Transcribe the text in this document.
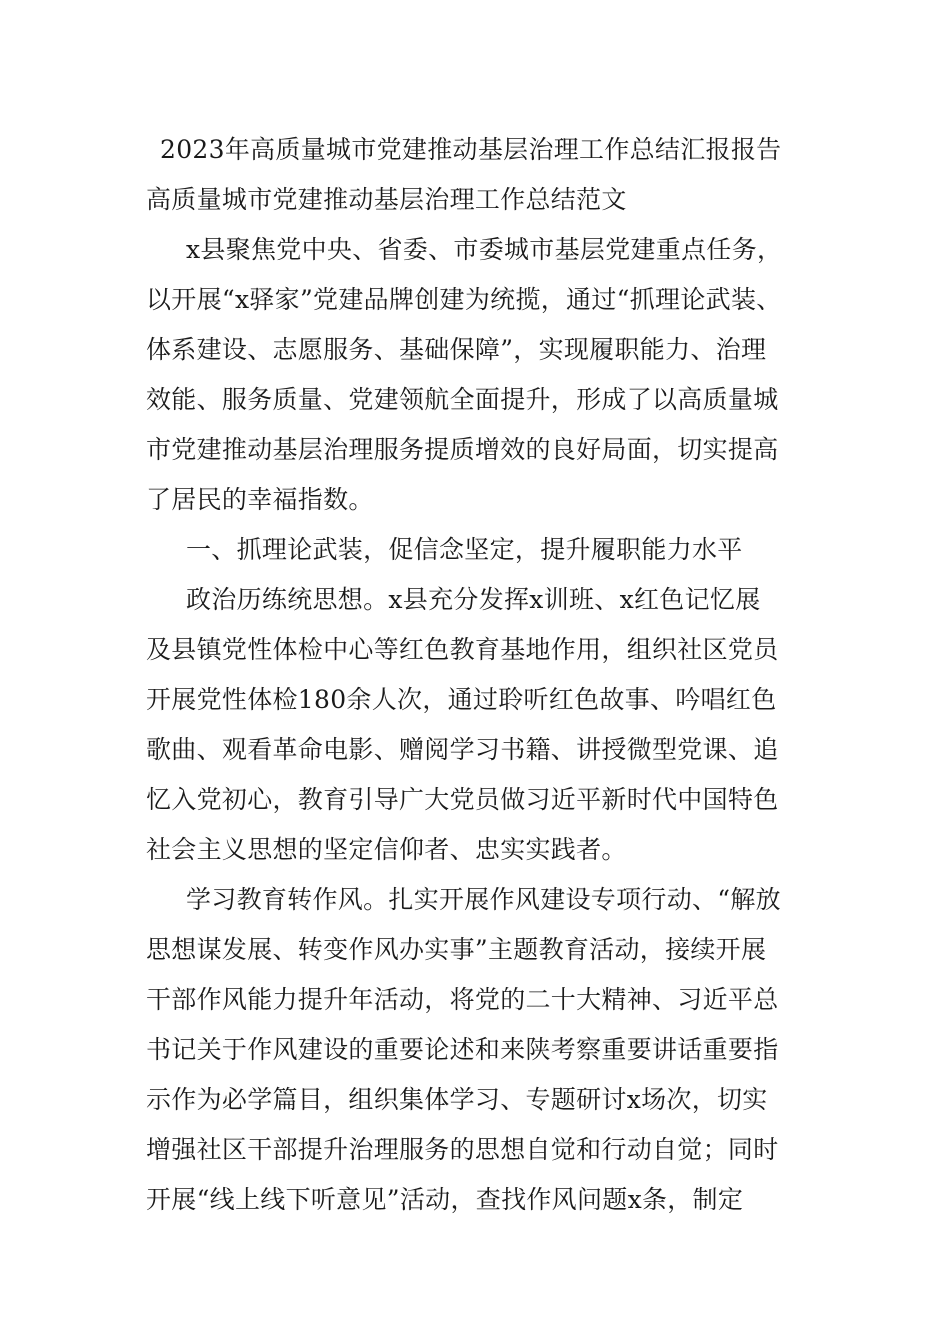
2023年高质量城市党建推动基层治理工作总结汇报报告
高质量城市党建推动基层治理工作总结范文
x县聚焦党中央、省委、市委城市基层党建重点任务，
以开展“x驿家”党建品牌创建为统揽，通过“抓理论武装、
体系建设、志愿服务、基础保障”，实现履职能力、治理
效能、服务质量、党建领航全面提升，形成了以高质量城
市党建推动基层治理服务提质增效的良好局面，切实提高
了居民的幸福指数。
一、抓理论武装，促信念坚定，提升履职能力水平
政治历练统思想。x县充分发挥x训班、x红色记忆展
及县镇党性体检中心等红色教育基地作用，组织社区党员
开展党性体检180余人次，通过聆听红色故事、吟唱红色
歌曲、观看革命电影、赠阅学习书籍、讲授微型党课、追
忆入党初心，教育引导广大党员做习近平新时代中国特色
社会主义思想的坚定信仰者、忠实实践者。
学习教育转作风。扎实开展作风建设专项行动、“解放
思想谋发展、转变作风办实事”主题教育活动，接续开展
干部作风能力提升年活动，将党的二十大精神、习近平总
书记关于作风建设的重要论述和来陕考察重要讲话重要指
示作为必学篇目，组织集体学习、专题研讨x场次，切实
增强社区干部提升治理服务的思想自觉和行动自觉；同时
开展“线上线下听意见”活动，查找作风问题x条，制定
